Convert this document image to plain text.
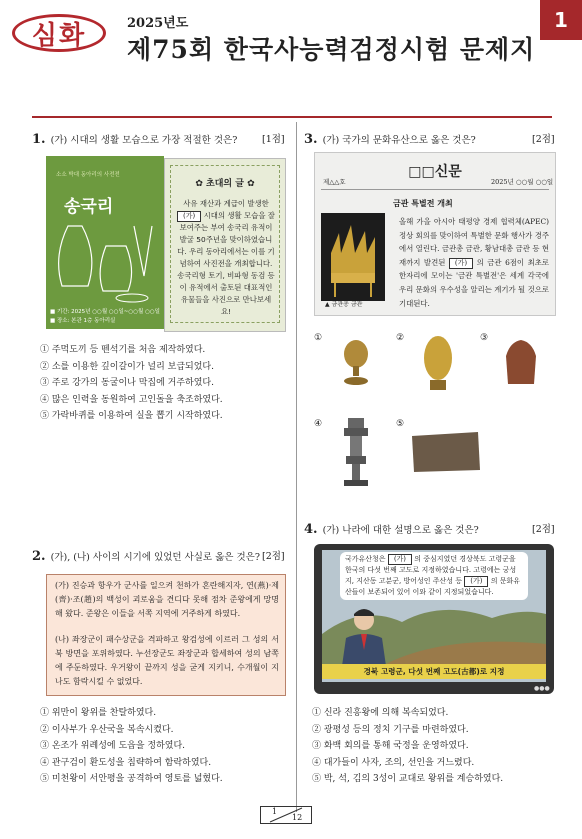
심화	2025년도
제75회 한국사능력검정시험 문제지
1
1. (가) 시대의 생활 모습으로 가장 적절한 것은?	[1점]
소소 박대 동아리의 사전전
송국리
■ 기간: 2025년 ○○월 ○○일~○○월 ○○일
■ 장소: 본관 1층 동아리실
✿ 초대의 글 ✿
사유 재산과 계급이 발생한 (가) 시대의 생활 모습을 잘 보여주는 부여 송국리 유적이 발굴 50주년을 맞이하였습니다. 우리 동아리에서는 이를 기념하여 사진전을 개최합니다. 송국리형 토기, 비파형 동검 등 이 유적에서 출토된 대표적인 유물들을 사진으로 만나보세요!
① 주먹도끼 등 뗀석기를 처음 제작하였다.
② 소를 이용한 깊이갈이가 널리 보급되었다.
③ 주로 강가의 동굴이나 막집에 거주하였다.
④ 많은 인력을 동원하여 고인돌을 축조하였다.
⑤ 가락바퀴를 이용하여 실을 뽑기 시작하였다.
2. (가), (나) 사이의 시기에 있었던 사실로 옳은 것은? [2점]
(가) 진승과 항우가 군사를 일으켜 천하가 혼란해지자, 연(燕)·제(齊)·조(趙)의 백성이 괴로움을 견디다 못해 점차 준왕에게 망명해 왔다. 준왕은 이들을 서쪽 지역에 거주하게 하였다.
(나) 좌장군이 패수상군을 격파하고 왕검성에 이르러 그 성의 서북 방면을 포위하였다. 누선장군도 좌장군과 합세하여 성의 남쪽에 주둔하였다. 우거왕이 끝까지 성을 굳게 지키니, 수개월이 지나도 함락시킬 수 없었다.
① 위만이 왕위를 찬탈하였다.
② 이사부가 우산국을 복속시켰다.
③ 온조가 위례성에 도읍을 정하였다.
④ 관구검이 환도성을 침략하여 함락하였다.
⑤ 미천왕이 서안평을 공격하여 영토를 넓혔다.
3. (가) 국가의 문화유산으로 옳은 것은?	[2점]
□□신문
제△△호	2025년 ○○월 ○○일
금관 특별전 개최
▲ 금관총 금관
올해 가을 아시아 태평양 경제 협력체(APEC) 정상 회의를 맞이하여 특별한 문화 행사가 경주에서 열린다. 금관총 금관, 황남대총 금관 등 현재까지 발견된 (가) 의 금관 6점이 최초로 한자리에 모이는 '금관 특별전'은 세계 각국에 우리 문화의 우수성을 알리는 계기가 될 것으로 기대된다.
①	②	③
④	⑤
4. (가) 나라에 대한 설명으로 옳은 것은?	[2점]
국가유산청은 (가) 의 중심지였던 경상북도 고령군을 한국의 다섯 번째 고도로 지정하였습니다. 고령에는 궁성지, 지산동 고분군, 방어성인 주산성 등 (가) 의 문화유산들이 보존되어 있어 이와 같이 지정되었습니다.
경북 고령군, 다섯 번째 고도(古都)로 지정
●●●
① 신라 진흥왕에 의해 복속되었다.
② 광평성 등의 정치 기구를 마련하였다.
③ 화백 회의를 통해 국정을 운영하였다.
④ 대가들이 사자, 조의, 선인을 거느렸다.
⑤ 박, 석, 김의 3성이 교대로 왕위를 계승하였다.
1
12
